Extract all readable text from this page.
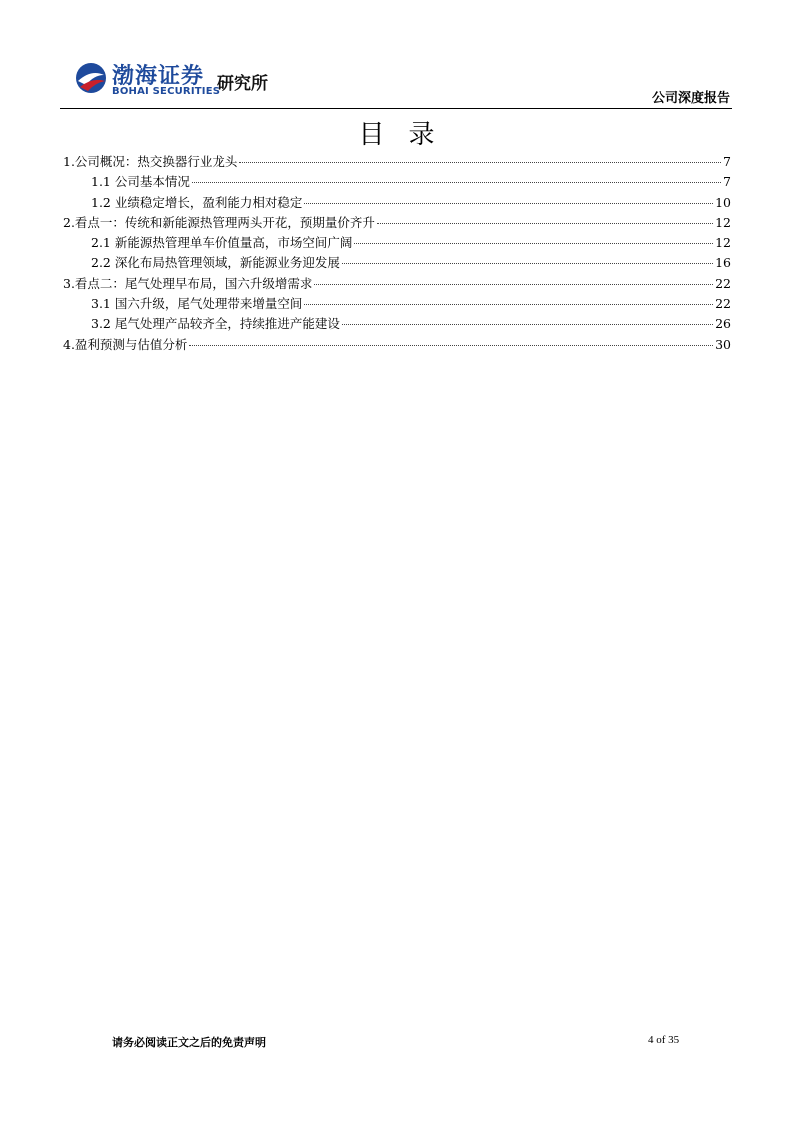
渤海证券
BOHAI SECURITIES
研究所
公司深度报告
目录
1.公司概况：热交换器行业龙头	7
1.1 公司基本情况	7
1.2 业绩稳定增长，盈利能力相对稳定	10
2.看点一：传统和新能源热管理两头开花，预期量价齐升	12
2.1 新能源热管理单车价值量高，市场空间广阔	12
2.2 深化布局热管理领域，新能源业务迎发展	16
3.看点二：尾气处理早布局，国六升级增需求	22
3.1 国六升级，尾气处理带来增量空间	22
3.2 尾气处理产品较齐全，持续推进产能建设	26
4.盈利预测与估值分析	30
请务必阅读正文之后的免责声明	4 of 35
